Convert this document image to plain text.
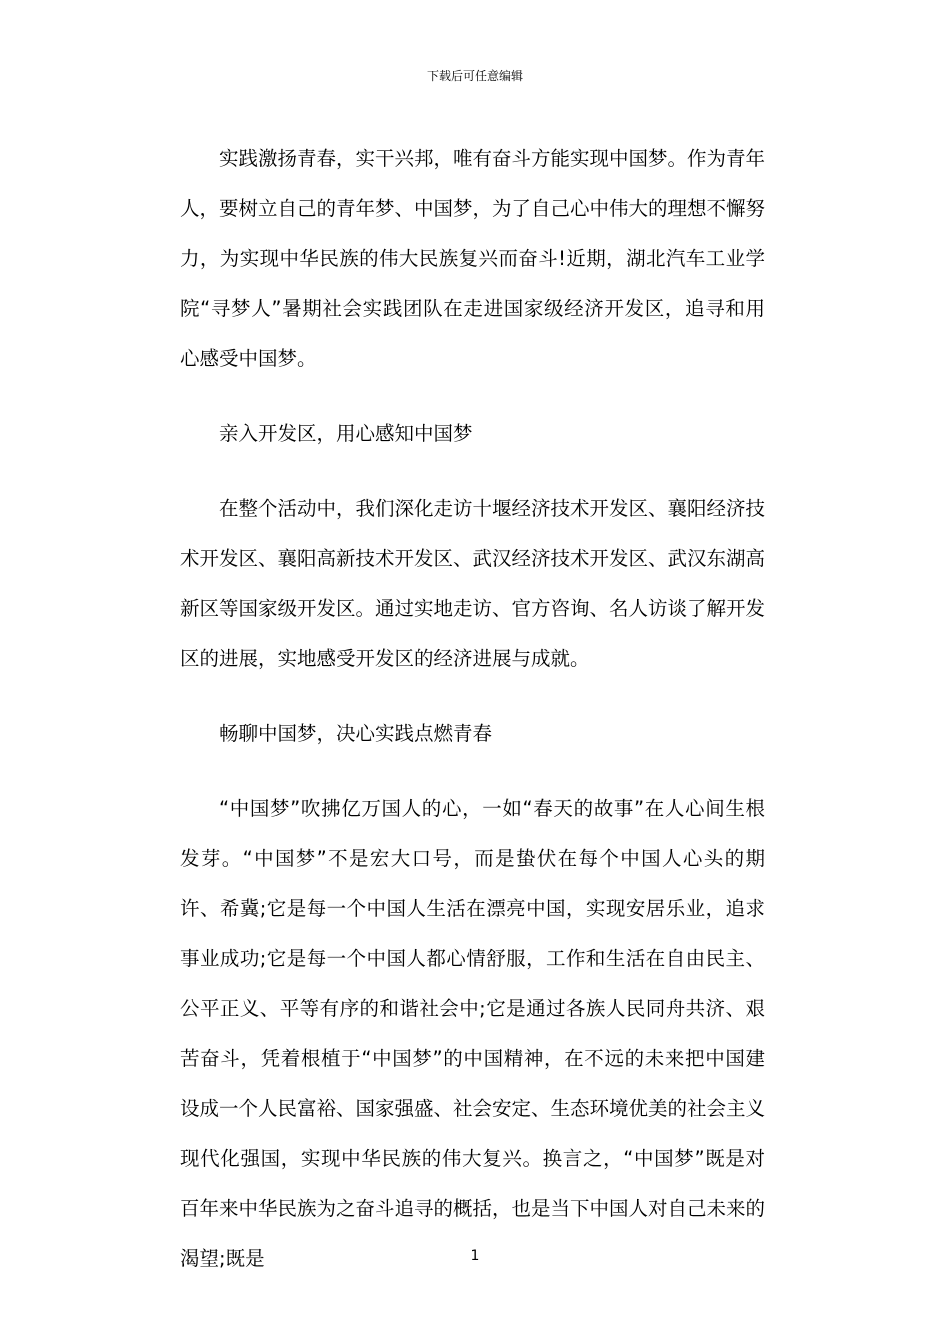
下载后可任意编辑

实践激扬青春，实干兴邦，唯有奋斗方能实现中国梦。作为青年人，要树立自己的青年梦、中国梦，为了自己心中伟大的理想不懈努力，为实现中华民族的伟大民族复兴而奋斗!近期，湖北汽车工业学院“寻梦人”暑期社会实践团队在走进国家级经济开发区，追寻和用心感受中国梦。

亲入开发区，用心感知中国梦

在整个活动中，我们深化走访十堰经济技术开发区、襄阳经济技术开发区、襄阳高新技术开发区、武汉经济技术开发区、武汉东湖高新区等国家级开发区。通过实地走访、官方咨询、名人访谈了解开发区的进展，实地感受开发区的经济进展与成就。

畅聊中国梦，决心实践点燃青春

“中国梦”吹拂亿万国人的心，一如“春天的故事”在人心间生根发芽。“中国梦”不是宏大口号，而是蛰伏在每个中国人心头的期许、希冀;它是每一个中国人生活在漂亮中国，实现安居乐业，追求事业成功;它是每一个中国人都心情舒服，工作和生活在自由民主、公平正义、平等有序的和谐社会中;它是通过各族人民同舟共济、艰苦奋斗，凭着根植于“中国梦”的中国精神，在不远的未来把中国建设成一个人民富裕、国家强盛、社会安定、生态环境优美的社会主义现代化强国，实现中华民族的伟大复兴。换言之，“中国梦”既是对百年来中华民族为之奋斗追寻的概括，也是当下中国人对自己未来的渴望;既是	1
